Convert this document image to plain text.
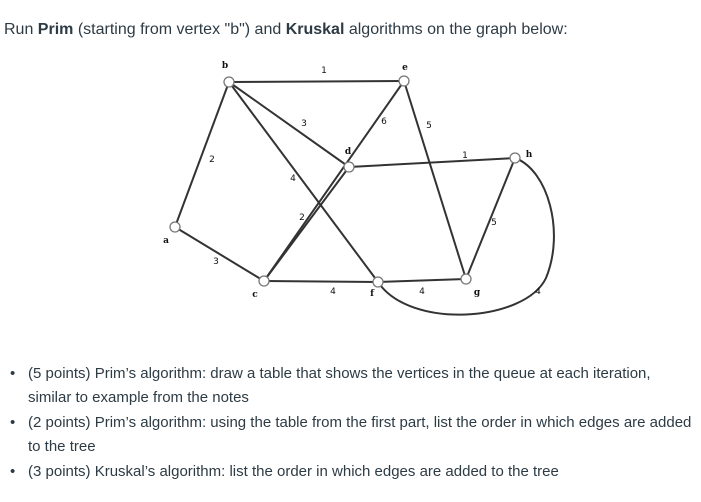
Run Prim (starting from vertex "b") and Kruskal algorithms on the graph below:
1
2
3
4
3
6
2
4
5
1
4
5
4
a
b
c
d
e
f	g
h
• (5 points) Prim’s algorithm: draw a table that shows the vertices in the queue at each iteration, similar to example from the notes
• (2 points) Prim’s algorithm: using the table from the first part, list the order in which edges are added to the tree
• (3 points) Kruskal’s algorithm: list the order in which edges are added to the tree
